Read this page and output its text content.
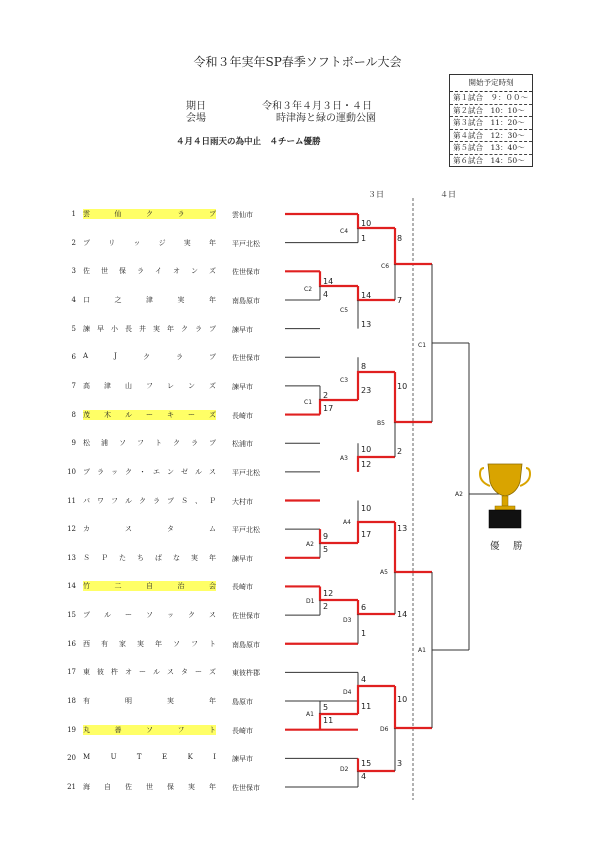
令和３年実年SP春季ソフトボール大会
期日	令和３年４月３日・４日
会場	時津海と緑の運動公園
４月４日雨天の為中止　４チーム優勝
開始予定時刻
第１試合　９：００～
第２試合　10：10～
第３試合　11：20～
第４試合　12：30～
第５試合　13：40～
第６試合　14：50～
３日	４日
1 雲	仙	ク	ラ	ブ 雲仙市
2 ブ	リ	ッ	ジ	実	年 平戸北松
3 佐 世 保 ラ イ オ ン ズ 佐世保市
4 口	之	津	実	年 南島原市
5 諫 早 小 長 井 実 年 ク ラ ブ 諫早市
6 A	J	ク	ラ	ブ 佐世保市
7 高 津 山 フ レ ン ズ 諫早市
8 茂 木 ル ー キ ー ズ 長崎市
9 松 浦 ソ フ ト ク ラ ブ 松浦市
10 ブ ラ ッ ク ・ エ ン ゼ ル ス 平戸北松
11 パ ワ フ ル ク ラ ブ Ｓ 、 Ｐ 大村市
12 カ	ス	タ	ム 平戸北松
13 Ｓ Ｐ た ち ば な 実 年 諫早市
14 竹	二	自	治	会 長崎市
15 ブ ル ー ソ ッ ク ス 佐世保市
16 西 有 家 実 年 ソ フ ト 南島原市
17 東 彼 杵 オ ー ル ス タ ー ズ 東彼杵郡
18 有	明	実	年 島原市
19 丸	善	ソ	フ	ト 長崎市
20 M	U	T	E	K	I 諫早市
21 海 自 佐 世 保 実 年 佐世保市
10
1
C4
14
4
C2
14
13
C5
8
7
C6
2
17
C1
8
23
C3
10
12
A3
10
2
B5
C1
9
5
A2
10
17
A4
12
2
D1
6
1
D3
13
14
A5
5
11
A1
4
11
D4
15
4
D2
10
3
D6
A1
A2
優　勝
